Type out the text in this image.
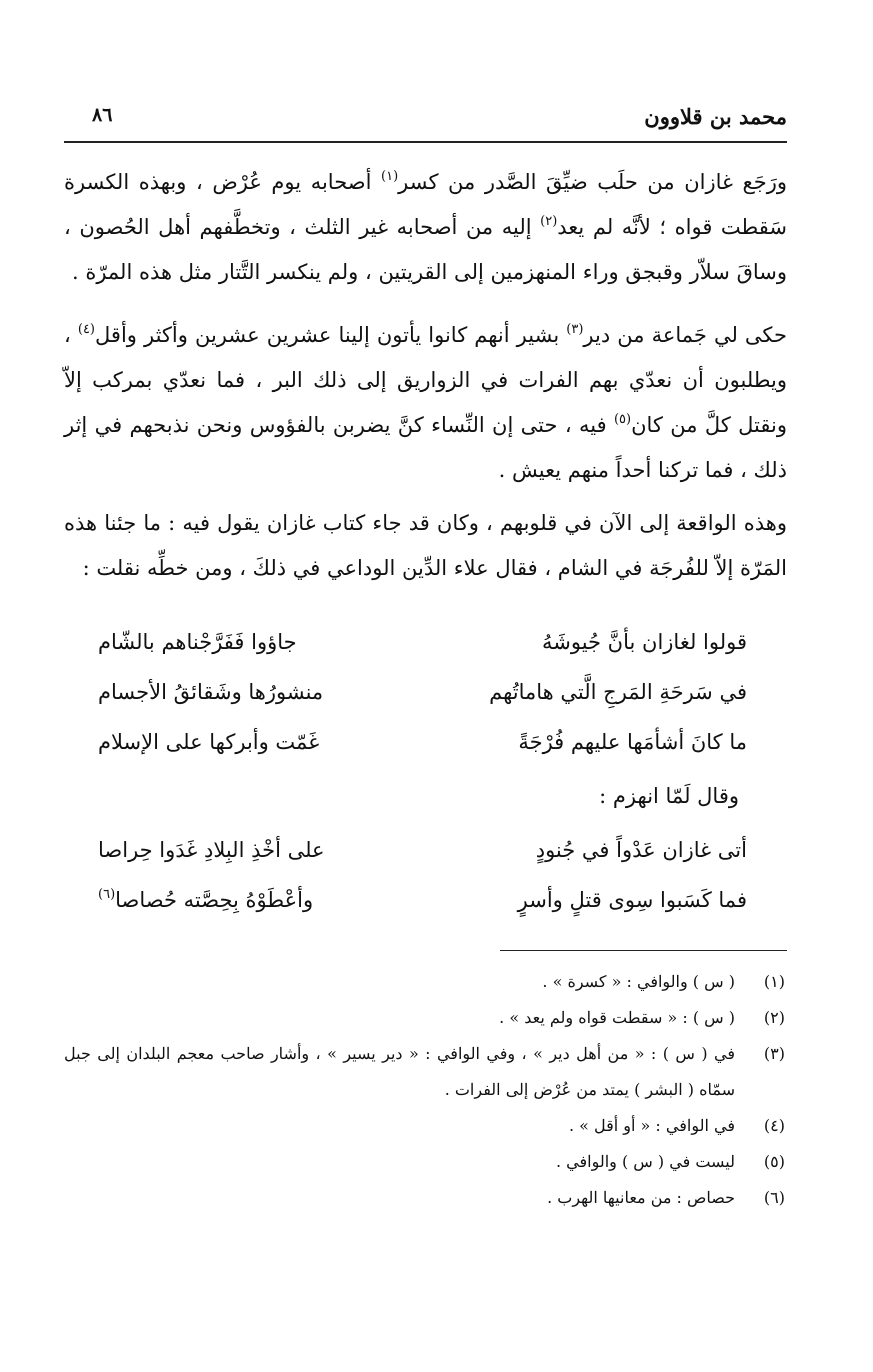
محمد بن قلاوون
٨٦

ورَجَع غازان من حلَب ضيِّقَ الصَّدر من كسر$^{(١)}$ أصحابه يوم عُرْض ، وبهذه الكسرة سَقطت قواه ؛ لأنَّه لم يعد$^{(٢)}$ إليه من أصحابه غير الثلث ، وتخطَّفهم أهل الحُصون ، وساقَ سلاّر وقبجق وراء المنهزمين إلى القريتين ، ولم ينكسر التَّتار مثل هذه المرّة .

حكى لي جَماعة من دير$^{(٣)}$ بشير أنهم كانوا يأتون إلينا عشرين عشرين وأكثر وأقل$^{(٤)}$ ، ويطلبون أن نعدّي بهم الفرات في الزواريق إلى ذلك البر ، فما نعدّي بمركب إلاّ ونقتل كلَّ من كان$^{(٥)}$ فيه ، حتى إن النِّساء كنَّ يضربن بالفؤوس ونحن نذبحهم في إثر ذلك ، فما تركنا أحداً منهم يعيش .

وهذه الواقعة إلى الآن في قلوبهم ، وكان قد جاء كتاب غازان يقول فيه : ما جئنا هذه المَرّة إلاّ للفُرجَة في الشام ، فقال علاء الدِّين الوداعي في ذلكَ ، ومن خطِّه نقلت :

قولوا لغازان بأنَّ جُيوشَهُ
جاؤوا فَفَرَّجْناهم بالشّام
في سَرحَةِ المَرجِ الَّتي هاماتُهم
منشورُها وشَقائقُ الأجسام
ما كانَ أشأمَها عليهم فُرْجَةً
غَمّت وأبركها على الإسلام
وقال لَمّا انهزم :
أتى غازان عَدْواً في جُنودٍ
على أخْذِ البِلادِ غَدَوا حِراصا
فما كَسَبوا سِوى قتلٍ وأسرٍ
وأعْطَوْهُ بِحِصَّته حُصاصا(٦)
(١)
( س ) والوافي : « كسرة » .
(٢)
( س ) : « سقطت قواه ولم يعد » .
(٣)
في ( س ) : « من أهل دير » ، وفي الوافي : « دير يسير » ، وأشار صاحب معجم البلدان إلى جبل سمّاه ( البشر ) يمتد من عُرْض إلى الفرات .
(٤)
في الوافي : « أو أقل » .
(٥)
ليست في ( س ) والوافي .
(٦)
حصاص : من معانيها الهرب .
